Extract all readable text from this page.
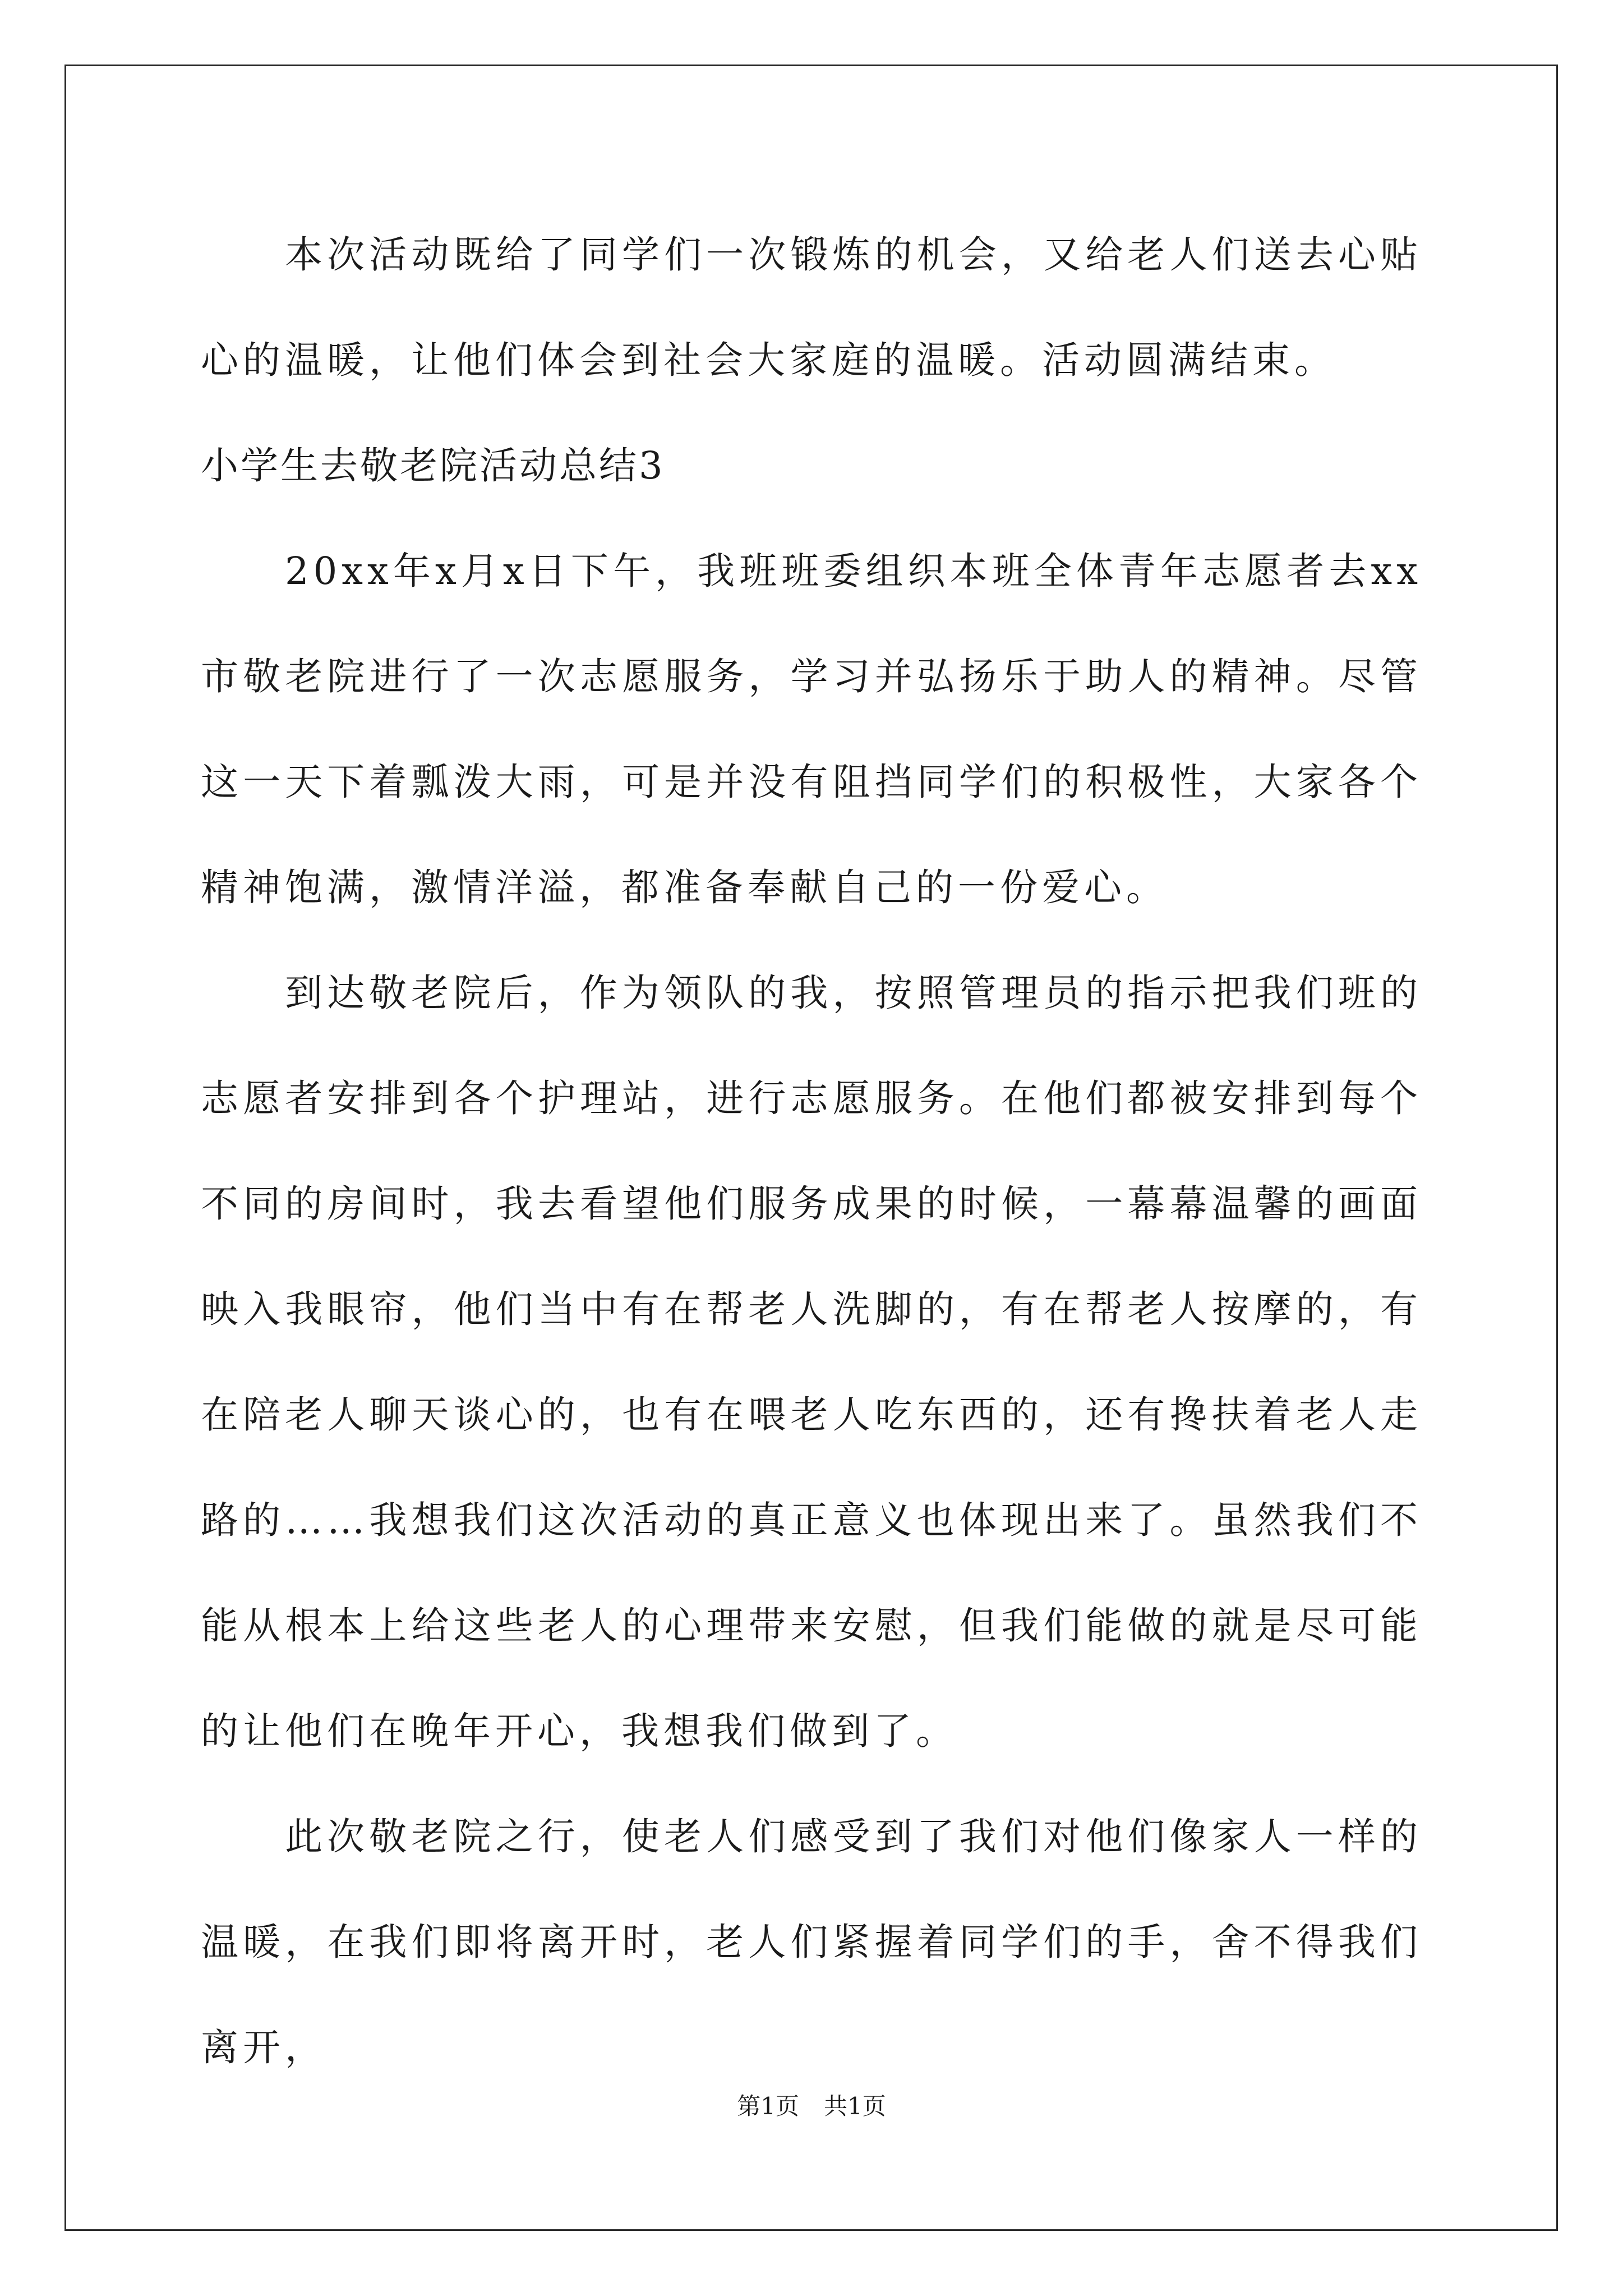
本次活动既给了同学们一次锻炼的机会，又给老人们送去心贴心的温暖，让他们体会到社会大家庭的温暖。活动圆满结束。

小学生去敬老院活动总结3

20xx年x月x日下午，我班班委组织本班全体青年志愿者去xx市敬老院进行了一次志愿服务，学习并弘扬乐于助人的精神。尽管这一天下着瓢泼大雨，可是并没有阻挡同学们的积极性，大家各个精神饱满，激情洋溢，都准备奉献自己的一份爱心。

到达敬老院后，作为领队的我，按照管理员的指示把我们班的志愿者安排到各个护理站，进行志愿服务。在他们都被安排到每个不同的房间时，我去看望他们服务成果的时候，一幕幕温馨的画面映入我眼帘，他们当中有在帮老人洗脚的，有在帮老人按摩的，有在陪老人聊天谈心的，也有在喂老人吃东西的，还有搀扶着老人走路的……我想我们这次活动的真正意义也体现出来了。虽然我们不能从根本上给这些老人的心理带来安慰，但我们能做的就是尽可能的让他们在晚年开心，我想我们做到了。

此次敬老院之行，使老人们感受到了我们对他们像家人一样的温暖，在我们即将离开时，老人们紧握着同学们的手，舍不得我们离开，

第1页 共1页
